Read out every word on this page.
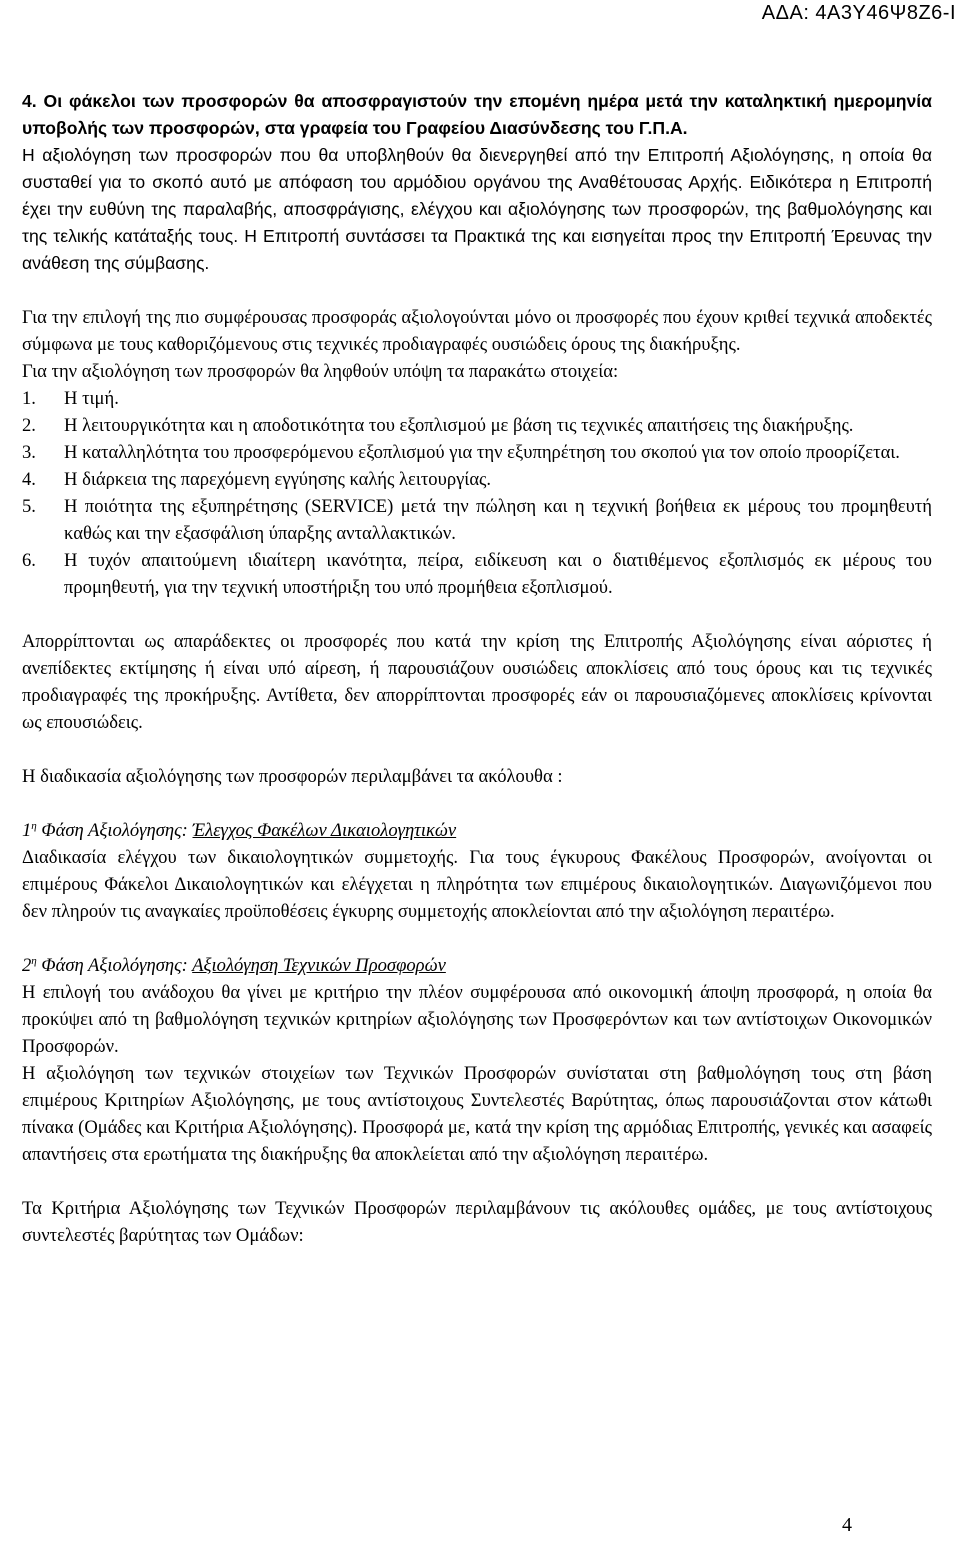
ΑΔΑ: 4Α3Υ46Ψ8Ζ6-Ι

4. Οι φάκελοι των προσφορών θα αποσφραγιστούν την επομένη ημέρα μετά την καταληκτική ημερομηνία υποβολής των προσφορών, στα γραφεία του Γραφείου Διασύνδεσης του Γ.Π.Α.

Η αξιολόγηση των προσφορών που θα υποβληθούν θα διενεργηθεί από την Επιτροπή Αξιολόγησης, η οποία θα συσταθεί για το σκοπό αυτό με απόφαση του αρμόδιου οργάνου της Αναθέτουσας Αρχής. Ειδικότερα η Επιτροπή έχει την ευθύνη της παραλαβής, αποσφράγισης, ελέγχου και αξιολόγησης των προσφορών, της βαθμολόγησης και της τελικής κατάταξής τους. Η Επιτροπή συντάσσει τα Πρακτικά της και εισηγείται προς την Επιτροπή Έρευνας την ανάθεση της σύμβασης.

Για την επιλογή της πιο συμφέρουσας προσφοράς αξιολογούνται μόνο οι προσφορές που έχουν κριθεί τεχνικά αποδεκτές σύμφωνα με τους καθοριζόμενους στις τεχνικές προδιαγραφές ουσιώδεις όρους της διακήρυξης.

Για την αξιολόγηση των προσφορών θα ληφθούν υπόψη τα παρακάτω στοιχεία:

1.	Η τιμή.
2.	Η λειτουργικότητα και η αποδοτικότητα του εξοπλισμού με βάση τις τεχνικές απαιτήσεις της διακήρυξης.
3.	Η καταλληλότητα του προσφερόμενου εξοπλισμού για την εξυπηρέτηση του σκοπού για τον οποίο προορίζεται.
4.	Η διάρκεια της παρεχόμενη εγγύησης καλής λειτουργίας.
5.	Η ποιότητα της εξυπηρέτησης (SERVICE) μετά την πώληση και η τεχνική βοήθεια εκ μέρους του προμηθευτή καθώς και την εξασφάλιση ύπαρξης ανταλλακτικών.
6.	Η τυχόν απαιτούμενη ιδιαίτερη ικανότητα, πείρα, ειδίκευση και ο διατιθέμενος εξοπλισμός εκ μέρους του προμηθευτή, για την τεχνική υποστήριξη του υπό προμήθεια εξοπλισμού.

Απορρίπτονται ως απαράδεκτες οι προσφορές που κατά την κρίση της Επιτροπής Αξιολόγησης είναι αόριστες ή ανεπίδεκτες εκτίμησης ή είναι υπό αίρεση, ή παρουσιάζουν ουσιώδεις αποκλίσεις από τους όρους και τις τεχνικές προδιαγραφές της προκήρυξης. Αντίθετα, δεν απορρίπτονται προσφορές εάν οι παρουσιαζόμενες αποκλίσεις κρίνονται ως επουσιώδεις.

Η διαδικασία αξιολόγησης των προσφορών περιλαμβάνει τα ακόλουθα :

$1^\eta$ Φάση Αξιολόγησης: Έλεγχος Φακέλων Δικαιολογητικών

Διαδικασία ελέγχου των δικαιολογητικών συμμετοχής. Για τους έγκυρους Φακέλους Προσφορών, ανοίγονται οι επιμέρους Φάκελοι Δικαιολογητικών και ελέγχεται η πληρότητα των επιμέρους δικαιολογητικών. Διαγωνιζόμενοι που δεν πληρούν τις αναγκαίες προϋποθέσεις έγκυρης συμμετοχής αποκλείονται από την αξιολόγηση περαιτέρω.

$2^\eta$ Φάση Αξιολόγησης: Αξιολόγηση Τεχνικών Προσφορών

Η επιλογή του ανάδοχου θα γίνει με κριτήριο την πλέον συμφέρουσα από οικονομική άποψη προσφορά, η οποία θα προκύψει από τη βαθμολόγηση τεχνικών κριτηρίων αξιολόγησης των Προσφερόντων και των αντίστοιχων Οικονομικών Προσφορών.

Η αξιολόγηση των τεχνικών στοιχείων των Τεχνικών Προσφορών συνίσταται στη βαθμολόγηση τους στη βάση επιμέρους Κριτηρίων Αξιολόγησης, με τους αντίστοιχους Συντελεστές Βαρύτητας, όπως παρουσιάζονται στον κάτωθι πίνακα (Ομάδες και Κριτήρια Αξιολόγησης). Προσφορά με, κατά την κρίση της αρμόδιας Επιτροπής, γενικές και ασαφείς απαντήσεις στα ερωτήματα της διακήρυξης θα αποκλείεται από την αξιολόγηση περαιτέρω.

Τα Κριτήρια Αξιολόγησης των Τεχνικών Προσφορών περιλαμβάνουν τις ακόλουθες ομάδες, με τους αντίστοιχους συντελεστές βαρύτητας των Ομάδων:

4
